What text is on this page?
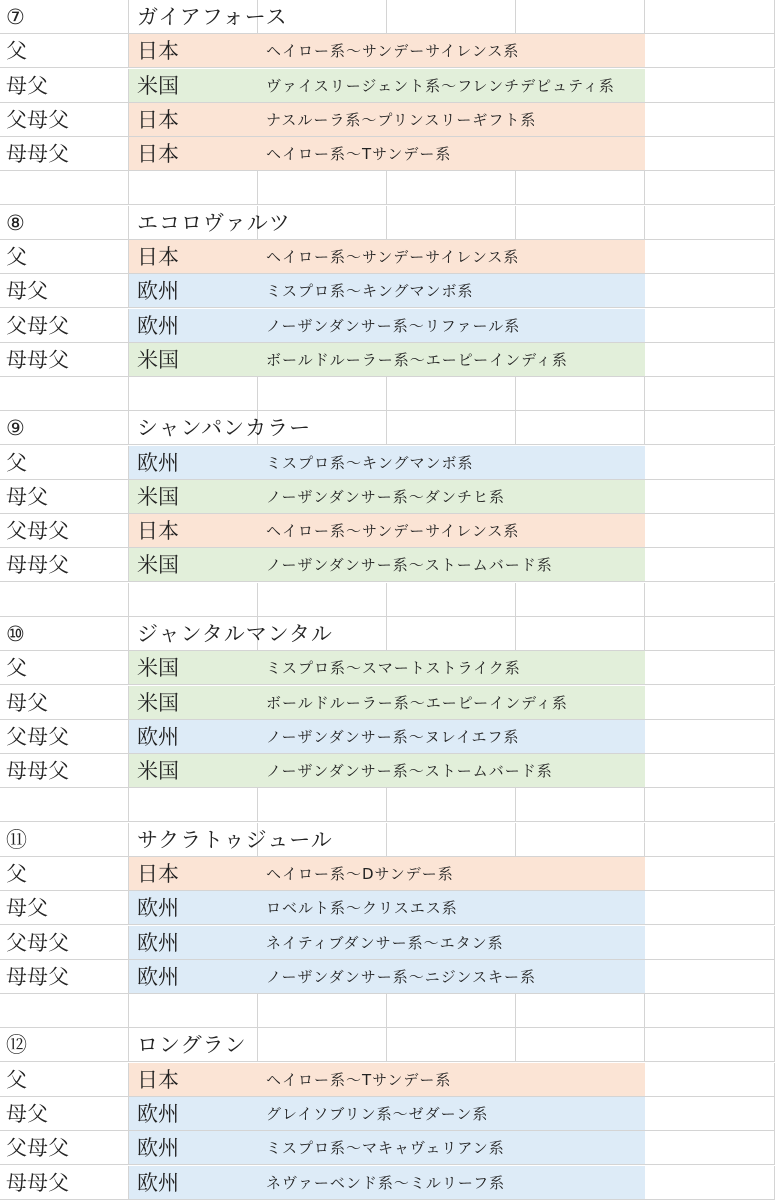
⑦	ガイアフォース
父	日本	ヘイロー系〜サンデーサイレンス系
母父	米国	ヴァイスリージェント系〜フレンチデピュティ系
父母父	日本	ナスルーラ系〜プリンスリーギフト系
母母父	日本	ヘイロー系〜Tサンデー系
⑧	エコロヴァルツ
父	日本	ヘイロー系〜サンデーサイレンス系
母父	欧州	ミスプロ系〜キングマンボ系
父母父	欧州	ノーザンダンサー系〜リファール系
母母父	米国	ボールドルーラー系〜エーピーインディ系
⑨	シャンパンカラー
父	欧州	ミスプロ系〜キングマンボ系
母父	米国	ノーザンダンサー系〜ダンチヒ系
父母父	日本	ヘイロー系〜サンデーサイレンス系
母母父	米国	ノーザンダンサー系〜ストームバード系
⑩	ジャンタルマンタル
父	米国	ミスプロ系〜スマートストライク系
母父	米国	ボールドルーラー系〜エーピーインディ系
父母父	欧州	ノーザンダンサー系〜ヌレイエフ系
母母父	米国	ノーザンダンサー系〜ストームバード系
⑪	サクラトゥジュール
父	日本	ヘイロー系〜Dサンデー系
母父	欧州	ロベルト系〜クリスエス系
父母父	欧州	ネイティブダンサー系〜エタン系
母母父	欧州	ノーザンダンサー系〜ニジンスキー系
⑫	ロングラン
父	日本	ヘイロー系〜Tサンデー系
母父	欧州	グレイソブリン系〜ゼダーン系
父母父	欧州	ミスプロ系〜マキャヴェリアン系
母母父	欧州	ネヴァーベンド系〜ミルリーフ系
